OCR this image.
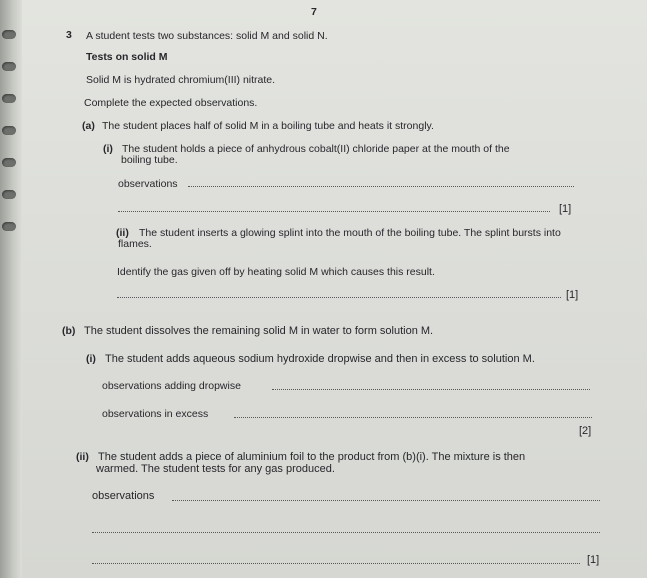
7
3 A student tests two substances: solid M and solid N.
Tests on solid M
Solid M is hydrated chromium(III) nitrate.
Complete the expected observations.
(a) The student places half of solid M in a boiling tube and heats it strongly.
(i) The student holds a piece of anhydrous cobalt(II) chloride paper at the mouth of the
boiling tube.
observations
[1]
(ii) The student inserts a glowing splint into the mouth of the boiling tube. The splint bursts into
flames.
Identify the gas given off by heating solid M which causes this result.
[1]
(b) The student dissolves the remaining solid M in water to form solution M.
(i) The student adds aqueous sodium hydroxide dropwise and then in excess to solution M.
observations adding dropwise
observations in excess
[2]
(ii) The student adds a piece of aluminium foil to the product from (b)(i). The mixture is then
warmed. The student tests for any gas produced.
observations
[1]
